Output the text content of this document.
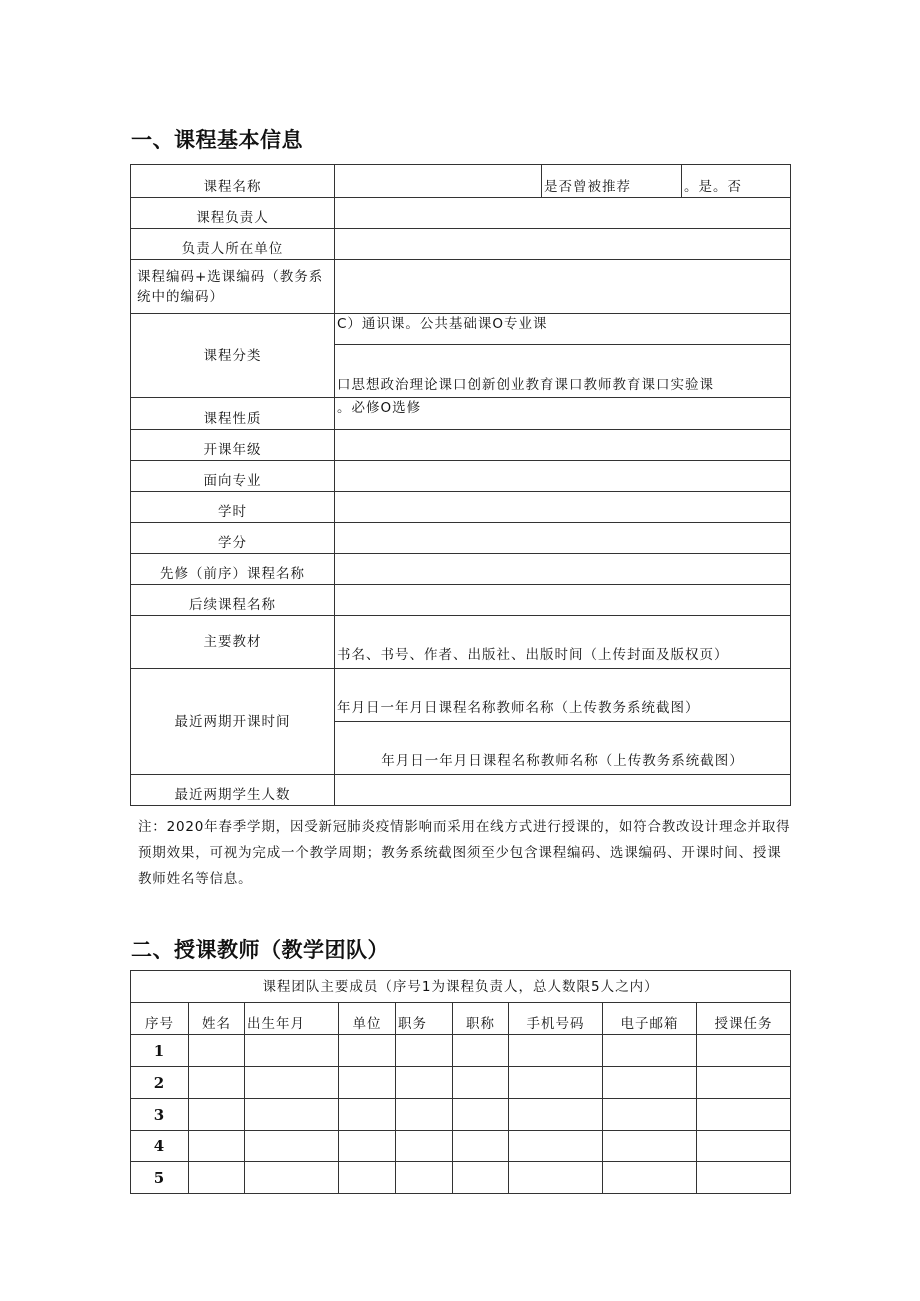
一、课程基本信息
课程名称		是否曾被推荐	。是。否
课程负责人			
负责人所在单位			
课程编码+选课编码（教务系统中的编码）			
课程分类	C）通识课。公共基础课O专业课		
	口思想政治理论课口创新创业教育课口教师教育课口实验课		
课程性质	。必修O选修		
开课年级			
面向专业			
学时			
学分			
先修（前序）课程名称			
后续课程名称			
主要教材	书名、书号、作者、出版社、出版时间（上传封面及版权页）		
最近两期开课时间	年月日一年月日课程名称教师名称（上传教务系统截图）		
	年月日一年月日课程名称教师名称（上传教务系统截图）		
最近两期学生人数			

注：2020年春季学期，因受新冠肺炎疫情影响而采用在线方式进行授课的，如符合教改设计理念并取得预期效果，可视为完成一个教学周期；教务系统截图须至少包含课程编码、选课编码、开课时间、授课教师姓名等信息。

二、授课教师（教学团队）
课程团队主要成员（序号1为课程负责人，总人数限5人之内）								
序号	姓名	出生年月	单位	职务	职称	手机号码	电子邮箱	授课任务
1								
2								
3								
4								
5								
